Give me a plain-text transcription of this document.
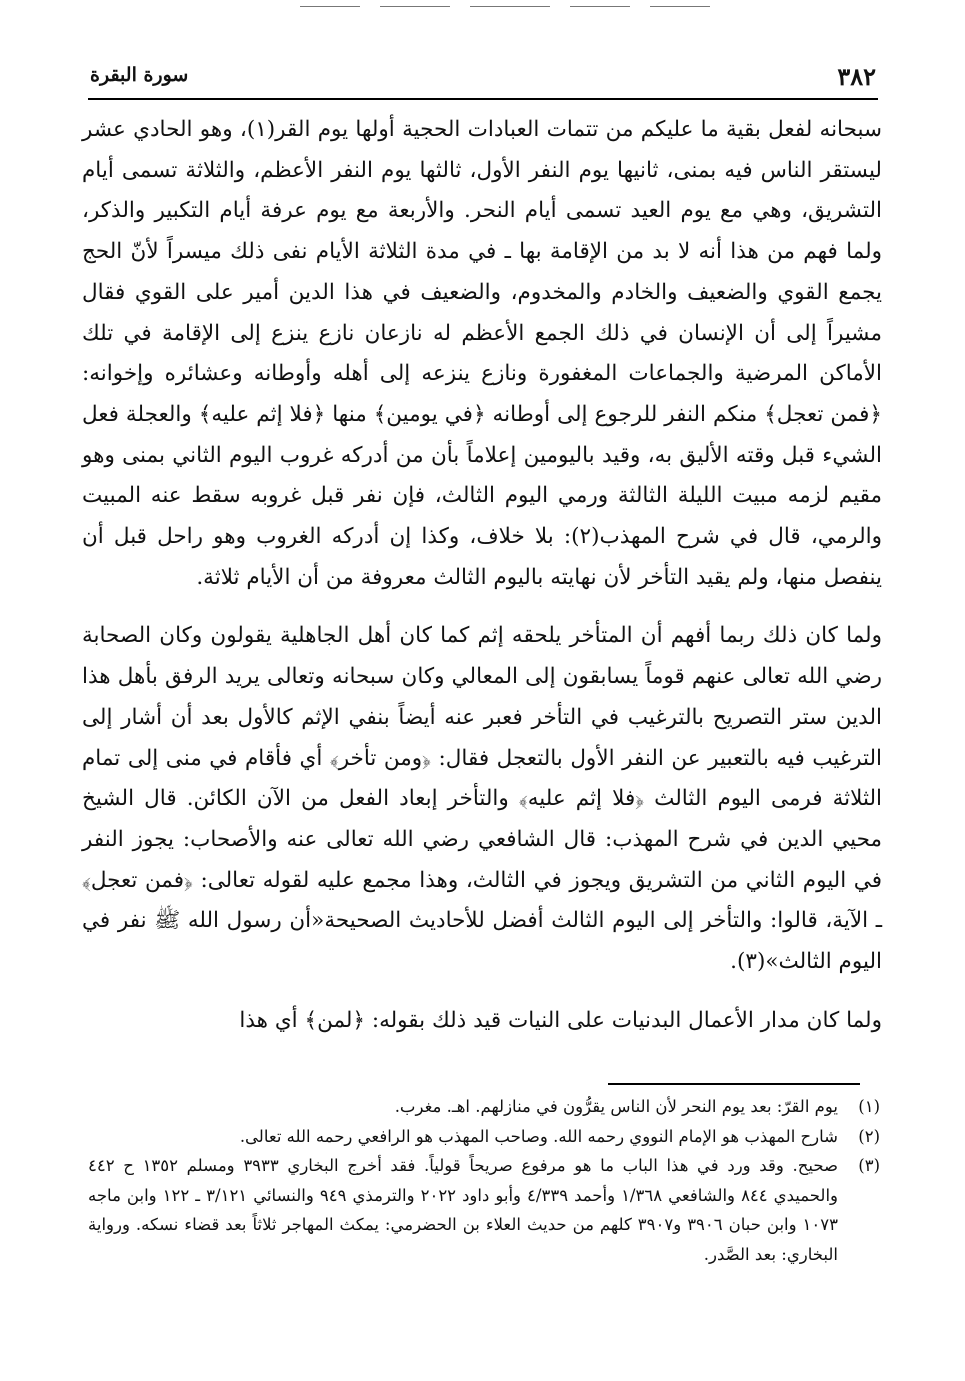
٣٨٢
سورة البقرة

سبحانه لفعل بقية ما عليكم من تتمات العبادات الحجية أولها يوم القر(١)، وهو الحادي عشر ليستقر الناس فيه بمنى، ثانيها يوم النفر الأول، ثالثها يوم النفر الأعظم، والثلاثة تسمى أيام التشريق، وهي مع يوم العيد تسمى أيام النحر. والأربعة مع يوم عرفة أيام التكبير والذكر، ولما فهم من هذا أنه لا بد من الإقامة بها ـ في مدة الثلاثة الأيام نفى ذلك ميسراً لأنّ الحج يجمع القوي والضعيف والخادم والمخدوم، والضعيف في هذا الدين أمير على القوي فقال مشيراً إلى أن الإنسان في ذلك الجمع الأعظم له نازعان نازع ينزع إلى الإقامة في تلك الأماكن المرضية والجماعات المغفورة ونازع ينزعه إلى أهله وأوطانه وعشائره وإخوانه: ﴿فمن تعجل﴾ منكم النفر للرجوع إلى أوطانه ﴿في يومين﴾ منها ﴿فلا إثم عليه﴾ والعجلة فعل الشيء قبل وقته الأليق به، وقيد باليومين إعلاماً بأن من أدركه غروب اليوم الثاني بمنى وهو مقيم لزمه مبيت الليلة الثالثة ورمي اليوم الثالث، فإن نفر قبل غروبه سقط عنه المبيت والرمي، قال في شرح المهذب(٢): بلا خلاف، وكذا إن أدركه الغروب وهو راحل قبل أن ينفصل منها، ولم يقيد التأخر لأن نهايته باليوم الثالث معروفة من أن الأيام ثلاثة.

ولما كان ذلك ربما أفهم أن المتأخر يلحقه إثم كما كان أهل الجاهلية يقولون وكان الصحابة رضي الله تعالى عنهم قوماً يسابقون إلى المعالي وكان سبحانه وتعالى يريد الرفق بأهل هذا الدين ستر التصريح بالترغيب في التأخر فعبر عنه أيضاً بنفي الإثم كالأول بعد أن أشار إلى الترغيب فيه بالتعبير عن النفر الأول بالتعجل فقال: ﴿ومن تأخر﴾ أي فأقام في منى إلى تمام الثلاثة فرمى اليوم الثالث ﴿فلا إثم عليه﴾ والتأخر إبعاد الفعل من الآن الكائن. قال الشيخ محيي الدين في شرح المهذب: قال الشافعي رضي الله تعالى عنه والأصحاب: يجوز النفر في اليوم الثاني من التشريق ويجوز في الثالث، وهذا مجمع عليه لقوله تعالى: ﴿فمن تعجل﴾ ـ الآية، قالوا: والتأخر إلى اليوم الثالث أفضل للأحاديث الصحيحة«أن رسول الله ﷺ نفر في اليوم الثالث»(٣).

ولما كان مدار الأعمال البدنيات على النيات قيد ذلك بقوله: ﴿لمن﴾ أي هذا

(١)
يوم القرّ: بعد يوم النحر لأن الناس يقرُّون في منازلهم. اهـ. مغرب.
(٢)
شارح المهذب هو الإمام النووي رحمه الله. وصاحب المهذب هو الرافعي رحمه الله تعالى.
(٣)
صحيح. وقد ورد في هذا الباب ما هو مرفوع صريحاً قولياً. فقد أخرج البخاري ٣٩٣٣ ومسلم ١٣٥٢ ح ٤٤٢ والحميدي ٨٤٤ والشافعي ١/٣٦٨ وأحمد ٤/٣٣٩ وأبو داود ٢٠٢٢ والترمذي ٩٤٩ والنسائي ٣/١٢١ ـ ١٢٢ وابن ماجه ١٠٧٣ وابن حبان ٣٩٠٦ و٣٩٠٧ كلهم من حديث العلاء بن الحضرمي: يمكث المهاجر ثلاثاً بعد قضاء نسكه. ورواية البخاري: بعد الصَّدر.
